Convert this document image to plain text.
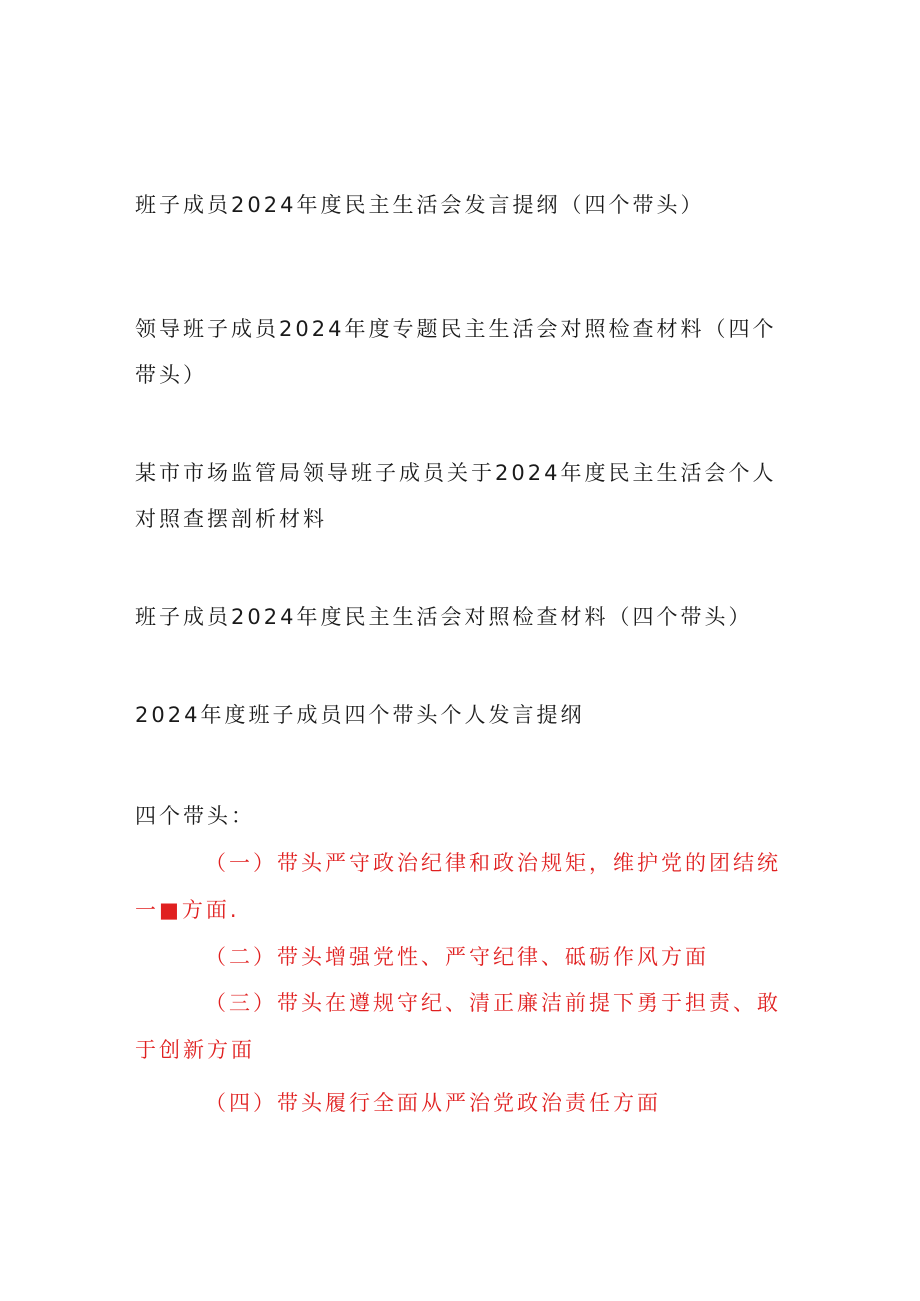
班子成员2024年度民主生活会发言提纲（四个带头）

领导班子成员2024年度专题民主生活会对照检查材料（四个带头）

某市市场监管局领导班子成员关于2024年度民主生活会个人对照查摆剖析材料

班子成员2024年度民主生活会对照检查材料（四个带头）

2024年度班子成员四个带头个人发言提纲

四个带头：

（一）带头严守政治纪律和政治规矩，维护党的团结统一■方面.

（二）带头增强党性、严守纪律、砥砺作风方面

（三）带头在遵规守纪、清正廉洁前提下勇于担责、敢于创新方面

（四）带头履行全面从严治党政治责任方面
